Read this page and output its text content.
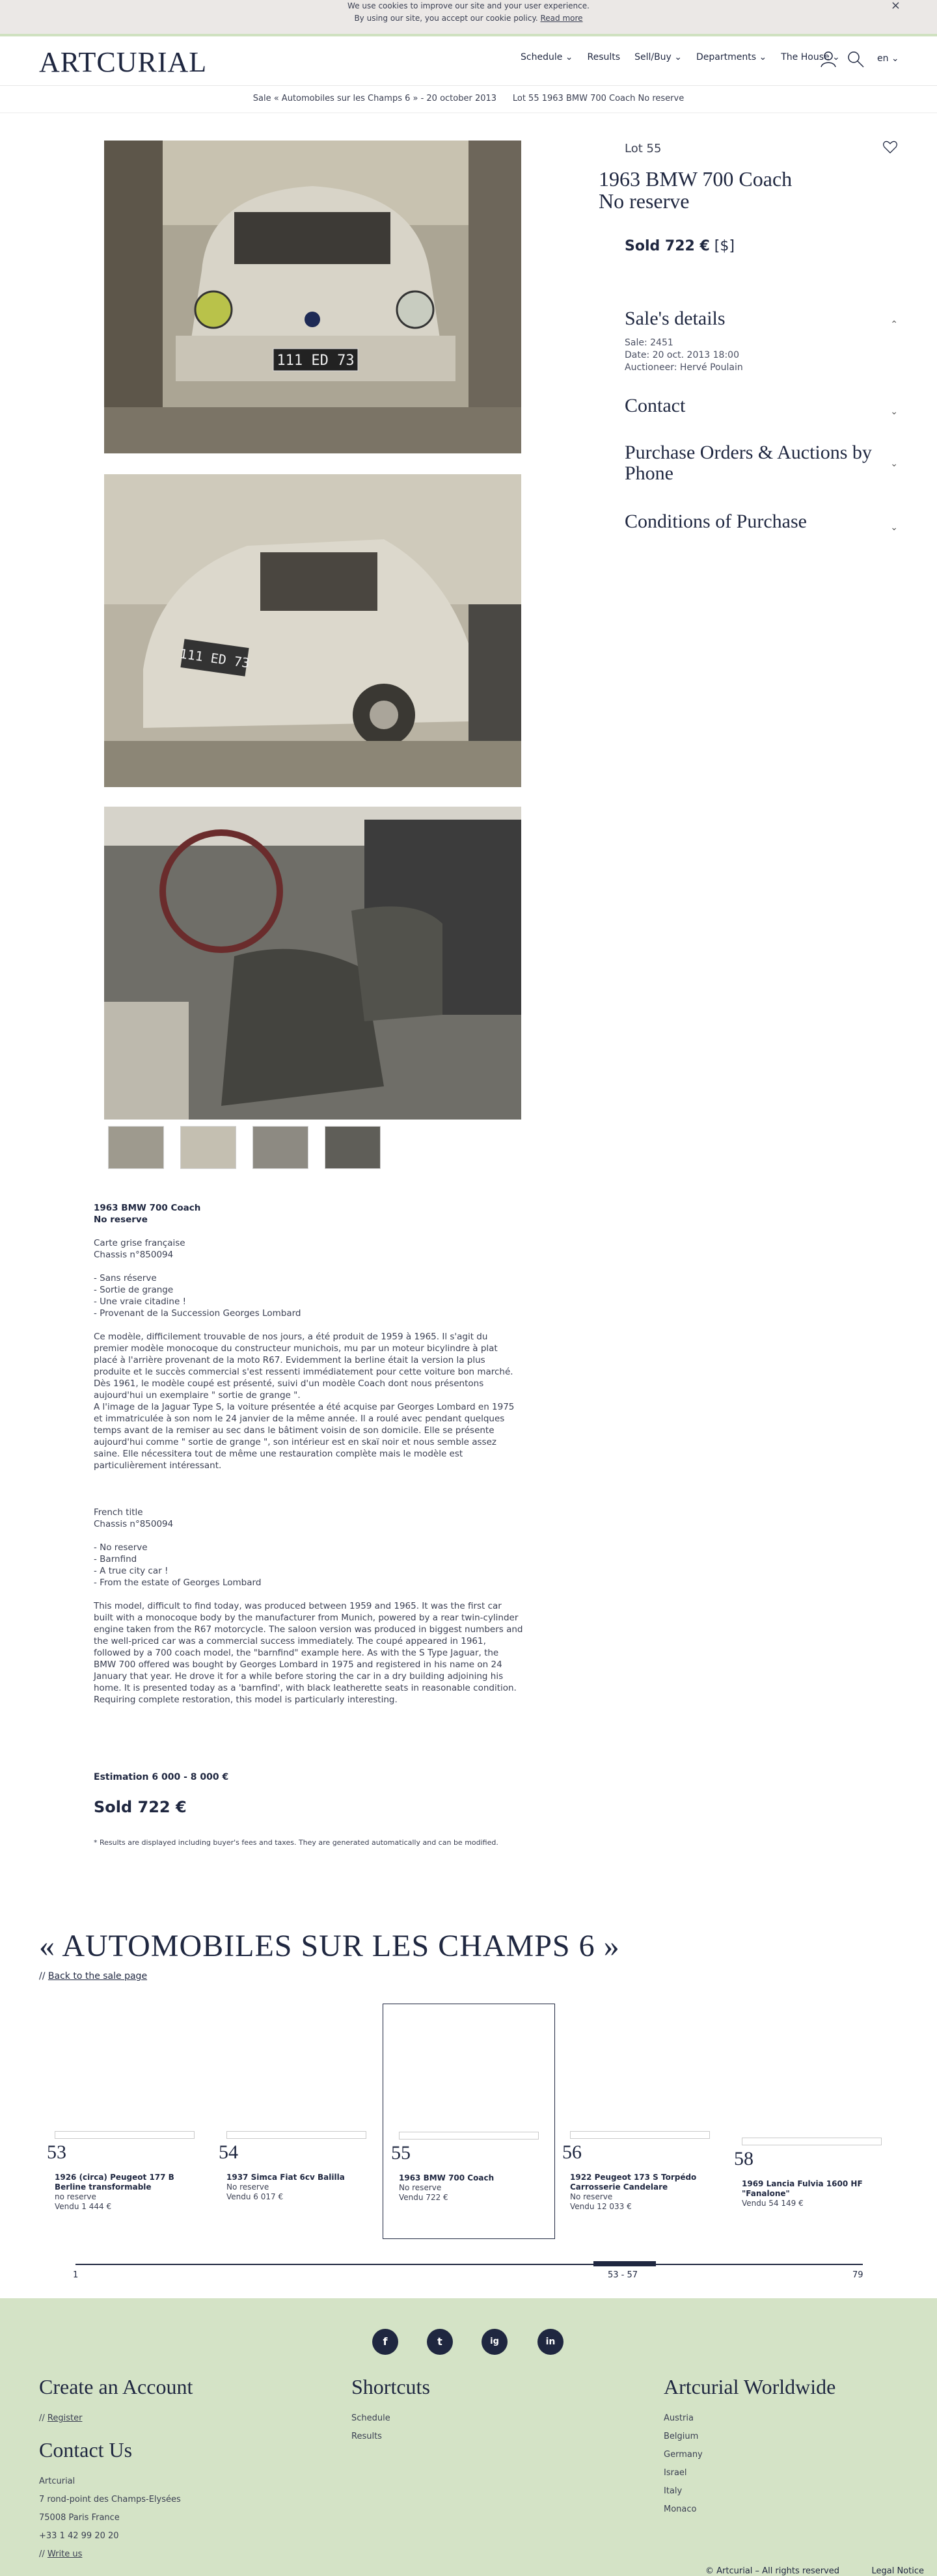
We use cookies to improve our site and your user experience.
By using our site, you accept our cookie policy. Read more
×
ARTCURIAL	Schedule ⌄ Results Sell/Buy ⌄ Departments ⌄ The House ⌄	en ⌄
Sale « Automobiles sur les Champs 6 » - 20 october 2013 Lot 55 1963 BMW 700 Coach No reserve
111 ED 73
111 ED 73
Lot 55
1963 BMW 700 Coach
No reserve
Sold 722 € [$]
Sale's details	⌃
Sale: 2451
Date: 20 oct. 2013 18:00
Auctioneer: Hervé Poulain
Contact	⌄
Purchase Orders & Auctions by Phone	⌄
Conditions of Purchase	⌄

1963 BMW 700 Coach
No reserve

Carte grise française
Chassis n°850094

- Sans réserve
- Sortie de grange
- Une vraie citadine !
- Provenant de la Succession Georges Lombard

Ce modèle, difficilement trouvable de nos jours, a été produit de 1959 à 1965. Il s'agit du premier modèle monocoque du constructeur munichois, mu par un moteur bicylindre à plat placé à l'arrière provenant de la moto R67. Evidemment la berline était la version la plus produite et le succès commercial s'est ressenti immédiatement pour cette voiture bon marché. Dès 1961, le modèle coupé est présenté, suivi d'un modèle Coach dont nous présentons aujourd'hui un exemplaire " sortie de grange ".

A l'image de la Jaguar Type S, la voiture présentée a été acquise par Georges Lombard en 1975 et immatriculée à son nom le 24 janvier de la même année. Il a roulé avec pendant quelques temps avant de la remiser au sec dans le bâtiment voisin de son domicile. Elle se présente aujourd'hui comme " sortie de grange ", son intérieur est en skaï noir et nous semble assez saine. Elle nécessitera tout de même une restauration complète mais le modèle est particulièrement intéressant.

French title
Chassis n°850094

- No reserve
- Barnfind
- A true city car !
- From the estate of Georges Lombard

This model, difficult to find today, was produced between 1959 and 1965. It was the first car built with a monocoque body by the manufacturer from Munich, powered by a rear twin-cylinder engine taken from the R67 motorcycle. The saloon version was produced in biggest numbers and the well-priced car was a commercial success immediately. The coupé appeared in 1961, followed by a 700 coach model, the "barnfind" example here. As with the S Type Jaguar, the BMW 700 offered was bought by Georges Lombard in 1975 and registered in his name on 24 January that year. He drove it for a while before storing the car in a dry building adjoining his home. It is presented today as a 'barnfind', with black leatherette seats in reasonable condition. Requiring complete restoration, this model is particularly interesting.

Estimation 6 000 - 8 000 €
Sold 722 €
* Results are displayed including buyer's fees and taxes. They are generated automatically and can be modified.
« AUTOMOBILES SUR LES CHAMPS 6 »
// Back to the sale page
53
1926 (circa) Peugeot 177 B Berline transformable
no reserve
Vendu 1 444 €
54
1937 Simca Fiat 6cv Balilla
No reserve
Vendu 6 017 €
55
1963 BMW 700 Coach
No reserve
Vendu 722 €
56
1922 Peugeot 173 S Torpédo Carrosserie Candelare
No reserve
Vendu 12 033 €
58
1969 Lancia Fulvia 1600 HF "Fanalone"
Vendu 54 149 €
1	53 - 57	79
f	t	ig	in
Create an Account
// Register
Contact Us
Artcurial
7 rond-point des Champs-Elysées
75008 Paris France
+33 1 42 99 20 20
// Write us
Shortcuts
Schedule
Results
Artcurial Worldwide
Austria
Belgium
Germany
Israel
Italy
Monaco
© Artcurial – All rights reserved	Legal Notice
